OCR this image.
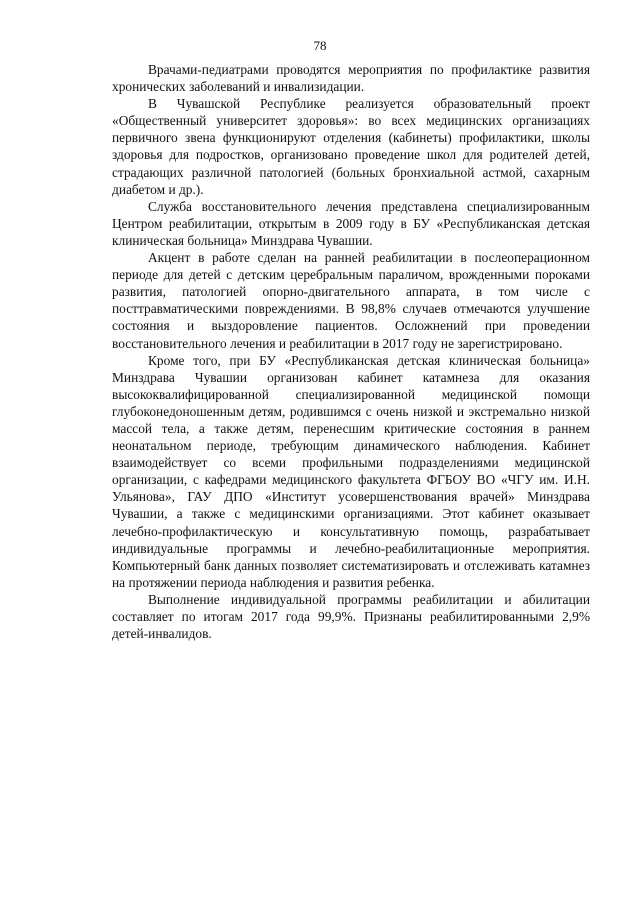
78

Врачами-педиатрами проводятся мероприятия по профилактике развития хронических заболеваний и инвализидации.

В Чувашской Республике реализуется образовательный проект «Общественный университет здоровья»: во всех медицинских организациях первичного звена функционируют отделения (кабинеты) профилактики, школы здоровья для подростков, организовано проведение школ для родителей детей, страдающих различной патологией (больных бронхиальной астмой, сахарным диабетом и др.).

Служба восстановительного лечения представлена специализированным Центром реабилитации, открытым в 2009 году в БУ «Республиканская детская клиническая больница» Минздрава Чувашии.

Акцент в работе сделан на ранней реабилитации в послеоперационном периоде для детей с детским церебральным параличом, врожденными пороками развития, патологией опорно-двигательного аппарата, в том числе с посттравматическими повреждениями. В 98,8% случаев отмечаются улучшение состояния и выздоровление пациентов. Осложнений при проведении восстановительного лечения и реабилитации в 2017 году не зарегистрировано.

Кроме того, при БУ «Республиканская детская клиническая больница» Минздрава Чувашии организован кабинет катамнеза для оказания высококвалифицированной специализированной медицинской помощи глубоконедоношенным детям, родившимся с очень низкой и экстремально низкой массой тела, а также детям, перенесшим критические состояния в раннем неонатальном периоде, требующим динамического наблюдения. Кабинет взаимодействует со всеми профильными подразделениями медицинской организации, с кафедрами медицинского факультета ФГБОУ ВО «ЧГУ им. И.Н. Ульянова», ГАУ ДПО «Институт усовершенствования врачей» Минздрава Чувашии, а также с медицинскими организациями. Этот кабинет оказывает лечебно-профилактическую и консультативную помощь, разрабатывает индивидуальные программы и лечебно-реабилитационные мероприятия. Компьютерный банк данных позволяет систематизировать и отслеживать катамнез на протяжении периода наблюдения и развития ребенка.

Выполнение индивидуальной программы реабилитации и абилитации составляет по итогам 2017 года 99,9%. Признаны реабилитированными 2,9% детей-инвалидов.
